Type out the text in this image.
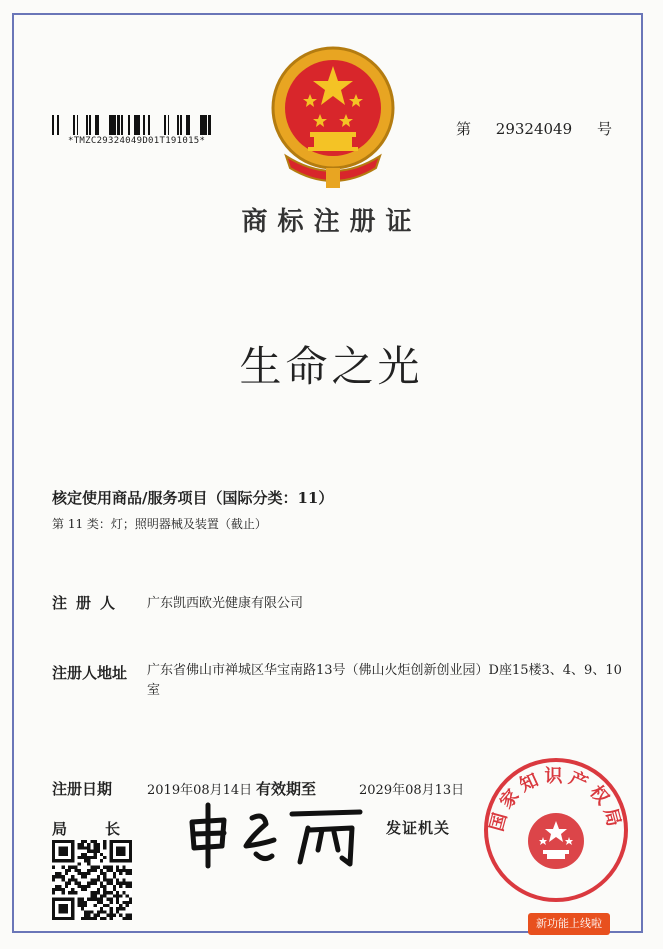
*TMZC29324049D01T191015*
第 29324049 号
商标注册证
生命之光
核定使用商品/服务项目（国际分类：11）
第 11 类：灯；照明器械及装置（截止）
注册人 广东凯西欧光健康有限公司
注册人地址 广东省佛山市禅城区华宝南路13号（佛山火炬创新创业园）D座15楼3、4、9、10室
注册日期	2019年08月14日 有效期至	2029年08月13日
局长	发证机关 国家知识产权局
新功能上线啦
